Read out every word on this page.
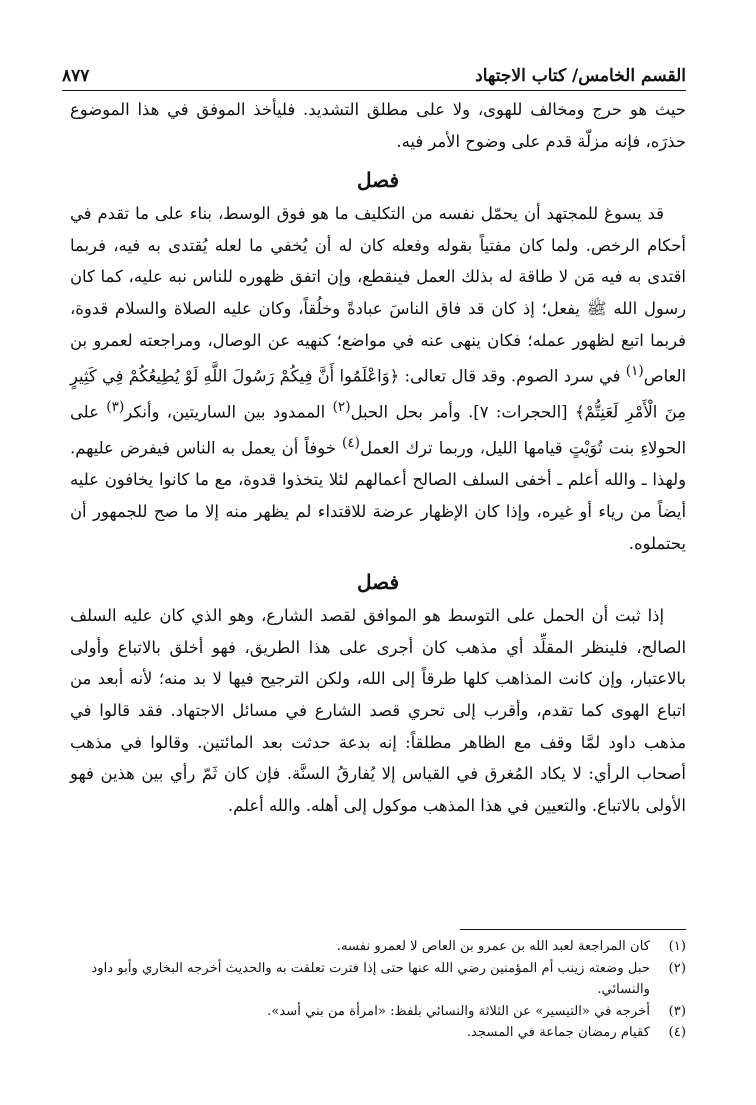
القسم الخامس/ كتاب الاجتهاد
٨٧٧

حيث هو حرج ومخالف للهوى، ولا على مطلق التشديد. فليأخذ الموفق في هذا الموضوع حذرَه، فإنه مزلّة قدم على وضوح الأمر فيه.

فصل

قد يسوغ للمجتهد أن يحمّل نفسه من التكليف ما هو فوق الوسط، بناء على ما تقدم في أحكام الرخص. ولما كان مفتياً بقوله وفعله كان له أن يُخفي ما لعله يُقتدى به فيه، فربما اقتدى به فيه مَن لا طاقة له بذلك العمل فينقطع، وإن اتفق ظهوره للناس نبه عليه، كما كان رسول الله ﷺ يفعل؛ إذ كان قد فاق الناسَ عبادةً وخلُقاً، وكان عليه الصلاة والسلام قدوة، فربما اتبع لظهور عمله؛ فكان ينهى عنه في مواضع؛ كنهيه عن الوصال، ومراجعته لعمرو بن العاص$^{(١)}$ في سرد الصوم. وقد قال تعالى: ﴿وَاعْلَمُوا أَنَّ فِيكُمْ رَسُولَ اللَّهِ لَوْ يُطِيعُكُمْ فِي كَثِيرٍ مِنَ الْأَمْرِ لَعَنِتُّمْ﴾ [الحجرات: ٧]. وأمر بحل الحبل$^{(٢)}$ الممدود بين الساريتين، وأنكر$^{(٣)}$ على الحولاءِ بنت تُوَيْتٍ قيامها الليل، وربما ترك العمل$^{(٤)}$ خوفاً أن يعمل به الناس فيفرض عليهم. ولهذا ـ والله أعلم ـ أخفى السلف الصالح أعمالهم لئلا يتخذوا قدوة، مع ما كانوا يخافون عليه أيضاً من رياء أو غيره، وإذا كان الإظهار عرضة للاقتداء لم يظهر منه إلا ما صح للجمهور أن يحتملوه.

فصل

إذا ثبت أن الحمل على التوسط هو الموافق لقصد الشارع، وهو الذي كان عليه السلف الصالح، فلينظر المقلِّد أي مذهب كان أجرى على هذا الطريق، فهو أخلق بالاتباع وأولى بالاعتبار، وإن كانت المذاهب كلها طرقاً إلى الله، ولكن الترجيح فيها لا بد منه؛ لأنه أبعد من اتباع الهوى كما تقدم، وأقرب إلى تحري قصد الشارع في مسائل الاجتهاد. فقد قالوا في مذهب داود لمَّا وقف مع الظاهر مطلقاً: إنه بدعة حدثت بعد المائتين. وقالوا في مذهب أصحاب الرأي: لا يكاد المُغرق في القياس إلا يُفارقُ السنَّة. فإن كان ثَمّ رأي بين هذين فهو الأولى بالاتباع. والتعيين في هذا المذهب موكول إلى أهله. والله أعلم.

(١)
كان المراجعة لعبد الله بن عمرو بن العاص لا لعمرو نفسه.
(٢)
حبل وضعته زينب أم المؤمنين رضي الله عنها حتى إذا فترت تعلقت به والحديث أخرجه البخاري وأبو داود والنسائي.
(٣)
أخرجه في «التيسير» عن الثلاثة والنسائي بلفظ: «امرأة من بني أسد».
(٤)
كقيام رمضان جماعة في المسجد.
